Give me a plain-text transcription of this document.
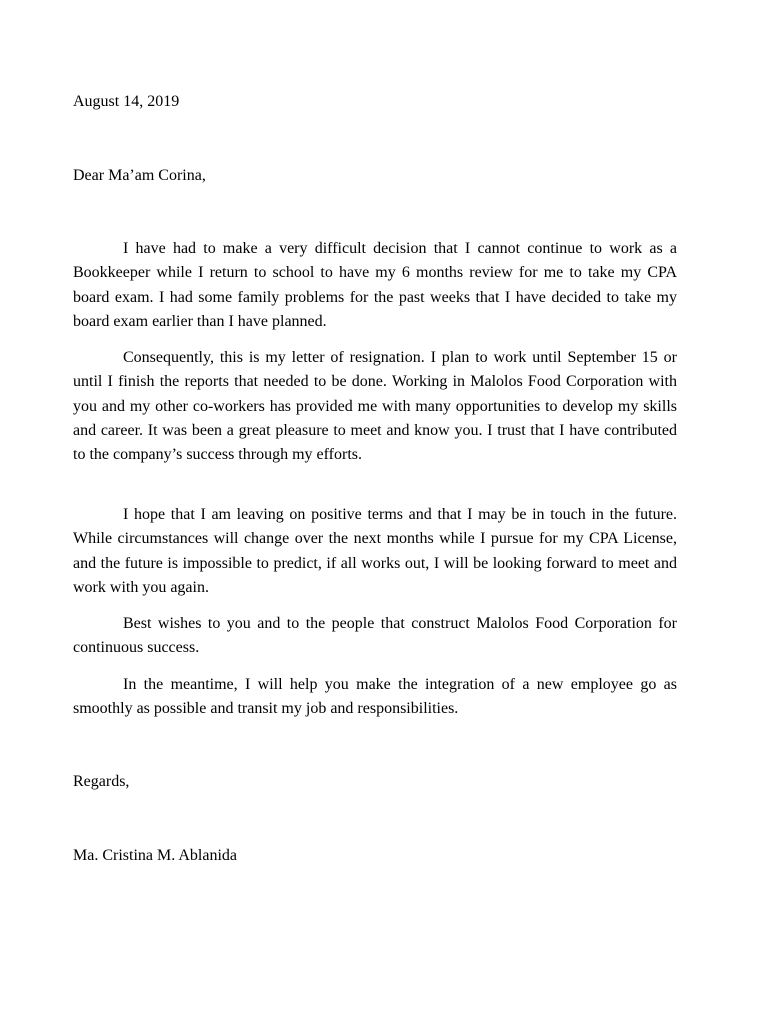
August 14, 2019

Dear Ma’am Corina,

I have had to make a very difficult decision that I cannot continue to work as a Bookkeeper while I return to school to have my 6 months review for me to take my CPA board exam. I had some family problems for the past weeks that I have decided to take my board exam earlier than I have planned.

Consequently, this is my letter of resignation. I plan to work until September 15 or until I finish the reports that needed to be done. Working in Malolos Food Corporation with you and my other co-workers has provided me with many opportunities to develop my skills and career. It was been a great pleasure to meet and know you. I trust that I have contributed to the company’s success through my efforts.

I hope that I am leaving on positive terms and that I may be in touch in the future. While circumstances will change over the next months while I pursue for my CPA License, and the future is impossible to predict, if all works out, I will be looking forward to meet and work with you again.

Best wishes to you and to the people that construct Malolos Food Corporation for continuous success.

In the meantime, I will help you make the integration of a new employee go as smoothly as possible and transit my job and responsibilities.

Regards,

Ma. Cristina M. Ablanida
